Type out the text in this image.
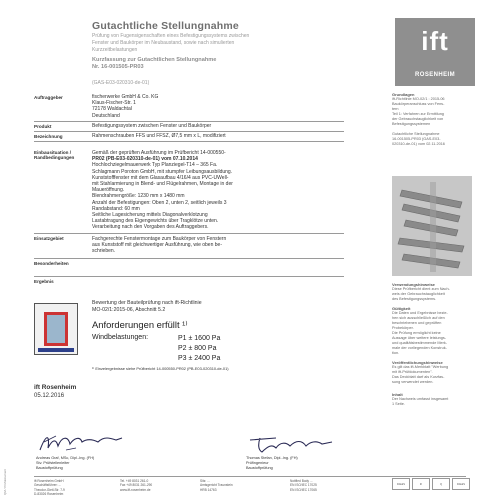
QM / Prüfdokument
Gutachtliche Stellungnahme
Prüfung von Fugensigenschaften eines Befestigungssystems zwischen
Fenster und Baukörper im Neubaustand, sowie nach simulierten
Kurzzeitbelastungen
Kurzfassung zur Gutachtlichen Stellungnahme
Nr. 16-001505-PR03
(GAS-E03-020310-de-01)
ift
ROSENHEIM
Auftraggeber	fischerwerke GmbH & Co. KG
Klaus-Fischer-Str. 1
72178 Waldachtal
Deutschland
Produkt	Befestigungssystem zwischen Fenster und Baukörper
Bezeichnung	Rahmenschrauben FFS und FFSZ, Ø7,5 mm x L, modifiziert
Einbausituation /
Randbedingungen
Gemäß der geprüften Ausführung im Prüfbericht 14-000550-
PR02 (PB-E03-020310-de-01) vom 07.10.2014
Hochlochziegelmauerwerk Typ Planziegel-T14 – 365 Fa.
Schlagmann Poroton GmbH, mit stumpfer Leibungsausbildung.
Kunststofffenster mit dem Glasaufbau 4/16/4 aus PVC-UWell-
mit Stahlarmierung in Blend- und Flügelrahmen, Montage in der
Maueröffnung.
Blendrahmengröße: 1230 mm x 1480 mm
Anzahl der Befestigungen: Oben 2, unten 2, seitlich jeweils 3
Randabstand: 60 mm
Seitliche Lagesicherung mittels Diagonalverklotzung
Lastabtragung des Eigengewichts über Tragklötze unten.
Verarbeitung nach den Vorgaben des Auftraggebers.
Einsatzgebiet	Fachgerechte Fenstermontage zum Baukörper von Fenstern
aus Kunststoff mit gleichwertiger Ausführung, wie oben be-
schrieben.
Besonderheiten
Ergebnis
Bewertung der Bauteilprüfung nach ift-Richtlinie
MO-02/1:2015-06, Abschnitt 5.2
Anforderungen erfüllt ¹⁾
Windbelastungen:	P1 ± 1600 Pa
P2 ± 800 Pa
P3 ± 2400 Pa
¹⁾ Einzelergebnisse siehe Prüfbericht 14-000550-PR02 (PB-E03-020310-de-01)
ift Rosenheim
05.12.2016
Andreas Graf, MSc, Dipl.-Ing. (FH)
Stv. Prüfstellenleiter
Baustoffprüfung
Thomas Stefan, Dipl.-Ing. (FH)
Prüfingenieur
Baustoffprüfung
ift Rosenheim GmbH
Geschäftsführer: ...
Theodor-Gietl-Str. 7-9
D-83026 Rosenheim
Tel. +49 8031 261-0
Fax +49 8031 261-290
www.ift-rosenheim.de
Sitz: ...
Amtsgericht Traunstein
HRB 14763
Notified Body ...
EN ISO/IEC 17025
EN ISO/IEC 17065
DAkkS	ift	Q	DAkkS
Grundlagen
ift-Richtlinie MO-02/1 : 2015-06
Baukörperanschluss von Fens-
tern
Teil 1: Verfahren zur Ermittlung
der Gebrauchstauglichkeit von
Befestigungssystemen
Gutachtliche Stellungnahme
16-001505-PR03 (GAS-E03-
020310-de-01) vom 02.11.2016
Verwendungshinweise
Diese Prüfbericht dient zum Nach-
weis der Gebrauchstauglichkeit
des Befestigungssystems.
Gültigkeit
Die Daten und Ergebnisse bezie-
hen sich ausschließlich auf den
beschriebenen und geprüften
Probekörper.
Die Prüfung ermöglicht keine
Aussage über weitere leistungs-
und qualitätsbestimmende Merk-
male der vorliegenden Konstruk-
tion.
Veröffentlichungshinweise
Es gilt das ift-Merkblatt "Werbung
mit ift-Prüfdokumenten".
Das Deckblatt darf als Kurzfas-
sung verwendet werden.
Inhalt
Der Nachweis umfasst insgesamt
1 Seite.
